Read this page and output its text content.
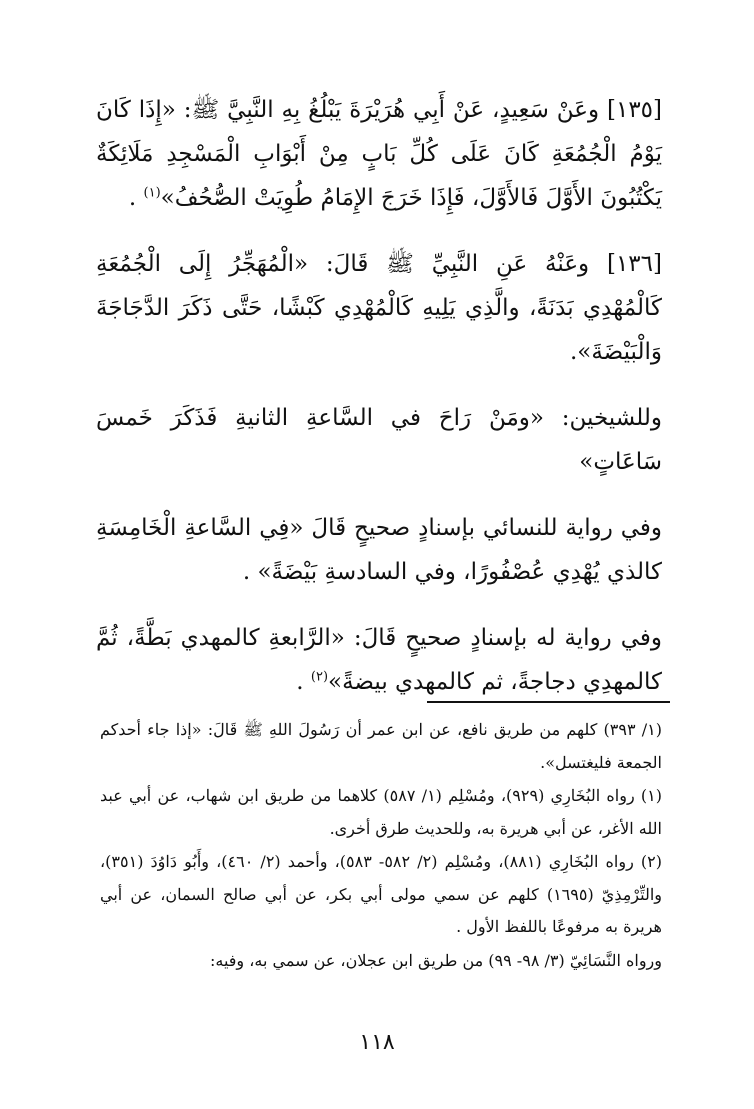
[١٣٥] وعَنْ سَعِيدٍ، عَنْ أَبِي هُرَيْرَةَ يَبْلُغُ بِهِ النَّبِيَّ ﷺ: «إِذَا كَانَ يَوْمُ الْجُمُعَةِ كَانَ عَلَى كُلِّ بَابٍ مِنْ أَبْوَابِ الْمَسْجِدِ مَلَائِكَةٌ يَكْتُبُونَ الأَوَّلَ فَالأَوَّلَ، فَإِذَا خَرَجَ الإِمَامُ طُوِيَتْ الصُّحُفُ»$^{(١)}$ .

[١٣٦] وعَنْهُ عَنِ النَّبِيِّ ﷺ قَالَ: «الْمُهَجِّرُ إِلَى الْجُمُعَةِ كَالْمُهْدِي بَدَنَةً، والَّذِي يَلِيهِ كَالْمُهْدِي كَبْشًا، حَتَّى ذَكَرَ الدَّجَاجَةَ وَالْبَيْضَةَ».

وللشيخين: «ومَنْ رَاحَ في السَّاعةِ الثانيةِ فَذَكَرَ خَمسَ سَاعَاتٍ»

وفي رواية للنسائي بإسنادٍ صحيحٍ قَالَ «فِي السَّاعةِ الْخَامِسَةِ كالذي يُهْدِي عُصْفُورًا، وفي السادسةِ بَيْضَةً» .

وفي رواية له بإسنادٍ صحيحٍ قَالَ: «الرَّابعةِ كالمهدي بَطَّةً، ثُمَّ كالمهدِي دجاجةً، ثم كالمهدي بيضةً»$^{(٢)}$ .

(١/ ٣٩٣) كلهم من طريق نافع، عن ابن عمر أن رَسُولَ اللهِ ﷺ قَالَ: «إذا جاء أحدكم الجمعة فليغتسل».
(١) رواه البُخَارِي (٩٢٩)، ومُسْلِم (١/ ٥٨٧) كلاهما من طريق ابن شهاب، عن أبي عبد الله الأغر، عن أبي هريرة به، وللحديث طرق أخرى.
(٢) رواه البُخَارِي (٨٨١)، ومُسْلِم (٢/ ٥٨٢- ٥٨٣)، وأحمد (٢/ ٤٦٠)، وأَبُو دَاوُدَ (٣٥١)، والتِّرْمِذِيّ (١٦٩٥) كلهم عن سمي مولى أبي بكر، عن أبي صالح السمان، عن أبي هريرة به مرفوعًا باللفظ الأول .
ورواه النَّسَائِيّ (٣/ ٩٨- ٩٩) من طريق ابن عجلان، عن سمي به، وفيه:
١١٨
